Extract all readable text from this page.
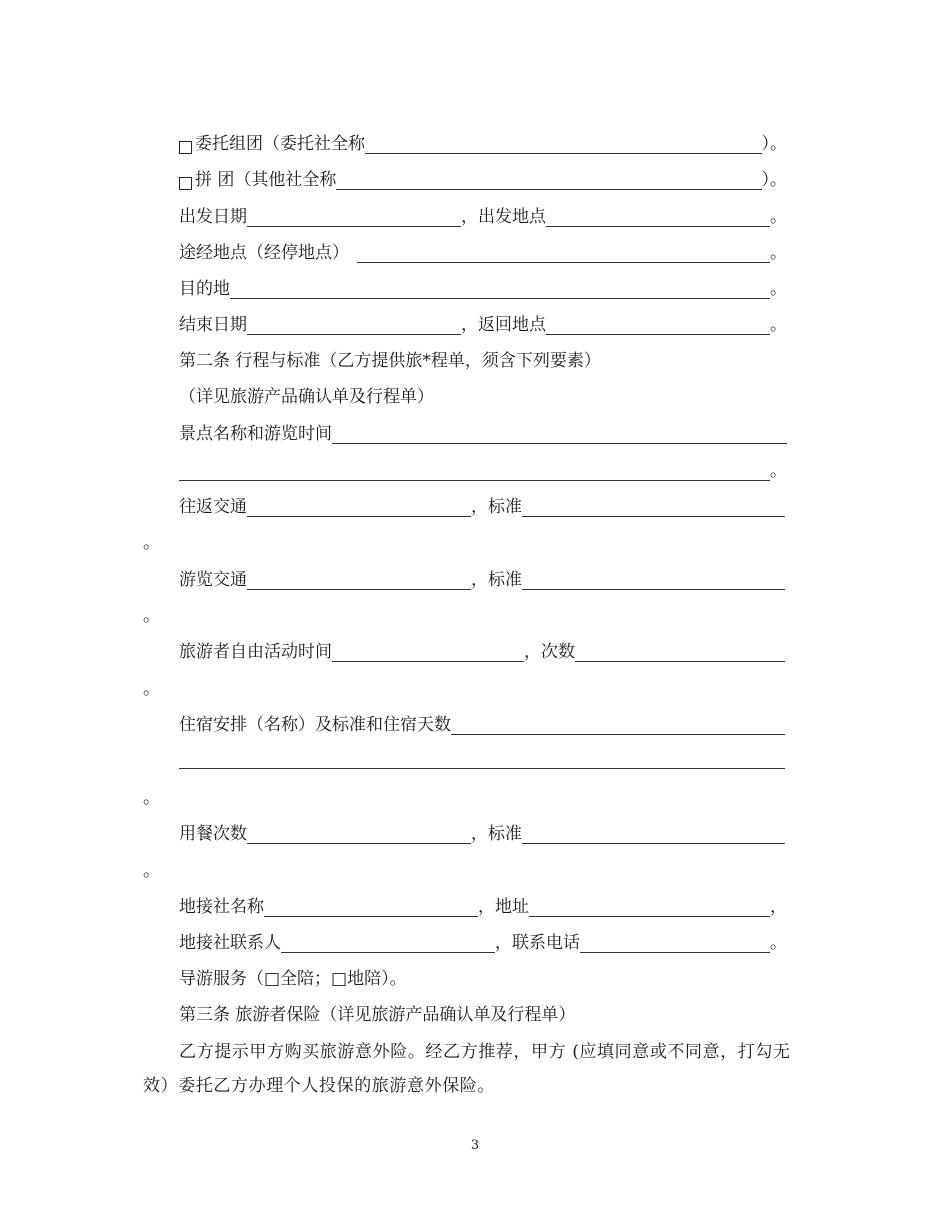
委托组团（委托社全称	）。
拼 团（其他社全称	）。
出发日期	，出发地点	。
途经地点（经停地点）	。
目的地	。
结束日期	，返回地点	。
第二条 行程与标准（乙方提供旅*程单，须含下列要素）
（详见旅游产品确认单及行程单）
景点名称和游览时间
。
往返交通	，标准
。
游览交通	，标准
。
旅游者自由活动时间	，次数
。
住宿安排（名称）及标准和住宿天数
。
用餐次数	，标准
。
地接社名称	，地址	，
地接社联系人	，联系电话	。
导游服务（□全陪；□地陪）。
第三条 旅游者保险（详见旅游产品确认单及行程单）
乙方提示甲方购买旅游意外险。经乙方推荐，甲方 (应填同意或不同意，打勾无效）委托乙方办理个人投保的旅游意外保险。
3
